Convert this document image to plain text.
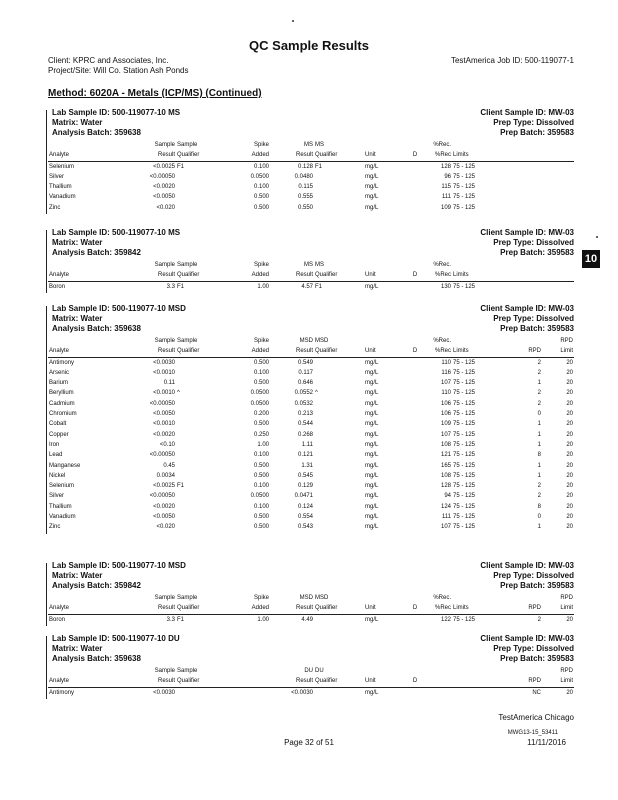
QC Sample Results
Client: KPRC and Associates, Inc.
Project/Site: Will Co. Station Ash Ponds
TestAmerica Job ID: 500-119077-1
Method: 6020A - Metals (ICP/MS) (Continued)
10
Lab Sample ID: 500-119077-10 MS
Matrix: Water
Analysis Batch: 359638
Client Sample ID: MW-03
Prep Type: Dissolved
Prep Batch: 359583
	Sample	Sample	Spike	MS	MS			%Rec.			
Analyte	Result	Qualifier	Added	Result	Qualifier	Unit	D	%Rec	Limits		
Selenium	<0.0025	F1	0.100	0.128	F1	mg/L		128	75 - 125		
Silver	<0.00050		0.0500	0.0480		mg/L		96	75 - 125		
Thallium	<0.0020		0.100	0.115		mg/L		115	75 - 125		
Vanadium	<0.0050		0.500	0.555		mg/L		111	75 - 125		
Zinc	<0.020		0.500	0.550		mg/L		109	75 - 125		
Lab Sample ID: 500-119077-10 MS
Matrix: Water
Analysis Batch: 359842
Client Sample ID: MW-03
Prep Type: Dissolved
Prep Batch: 359583
	Sample	Sample	Spike	MS	MS			%Rec.			
Analyte	Result	Qualifier	Added	Result	Qualifier	Unit	D	%Rec	Limits		
Boron	3.3	F1	1.00	4.57	F1	mg/L		130	75 - 125		
Lab Sample ID: 500-119077-10 MSD
Matrix: Water
Analysis Batch: 359638
Client Sample ID: MW-03
Prep Type: Dissolved
Prep Batch: 359583
	Sample	Sample	Spike	MSD	MSD			%Rec.			RPD
Analyte	Result	Qualifier	Added	Result	Qualifier	Unit	D	%Rec	Limits	RPD	Limit
Antimony	<0.0030		0.500	0.549		mg/L		110	75 - 125	2	20
Arsenic	<0.0010		0.100	0.117		mg/L		116	75 - 125	2	20
Barium	0.11		0.500	0.646		mg/L		107	75 - 125	1	20
Beryllium	<0.0010	^	0.0500	0.0552	^	mg/L		110	75 - 125	2	20
Cadmium	<0.00050		0.0500	0.0532		mg/L		106	75 - 125	2	20
Chromium	<0.0050		0.200	0.213		mg/L		106	75 - 125	0	20
Cobalt	<0.0010		0.500	0.544		mg/L		109	75 - 125	1	20
Copper	<0.0020		0.250	0.268		mg/L		107	75 - 125	1	20
Iron	<0.10		1.00	1.11		mg/L		108	75 - 125	1	20
Lead	<0.00050		0.100	0.121		mg/L		121	75 - 125	8	20
Manganese	0.45		0.500	1.31		mg/L		165	75 - 125	1	20
Nickel	0.0034		0.500	0.545		mg/L		108	75 - 125	1	20
Selenium	<0.0025	F1	0.100	0.129		mg/L		128	75 - 125	2	20
Silver	<0.00050		0.0500	0.0471		mg/L		94	75 - 125	2	20
Thallium	<0.0020		0.100	0.124		mg/L		124	75 - 125	8	20
Vanadium	<0.0050		0.500	0.554		mg/L		111	75 - 125	0	20
Zinc	<0.020		0.500	0.543		mg/L		107	75 - 125	1	20
Lab Sample ID: 500-119077-10 MSD
Matrix: Water
Analysis Batch: 359842
Client Sample ID: MW-03
Prep Type: Dissolved
Prep Batch: 359583
	Sample	Sample	Spike	MSD	MSD			%Rec.			RPD
Analyte	Result	Qualifier	Added	Result	Qualifier	Unit	D	%Rec	Limits	RPD	Limit
Boron	3.3	F1	1.00	4.49		mg/L		122	75 - 125	2	20
Lab Sample ID: 500-119077-10 DU
Matrix: Water
Analysis Batch: 359638
Client Sample ID: MW-03
Prep Type: Dissolved
Prep Batch: 359583
	Sample	Sample		DU	DU						RPD
Analyte	Result	Qualifier		Result	Qualifier	Unit	D			RPD	Limit
Antimony	<0.0030			<0.0030		mg/L				NC	20
TestAmerica Chicago
Page 32 of 51
MWG13-15_53411
11/11/2016
